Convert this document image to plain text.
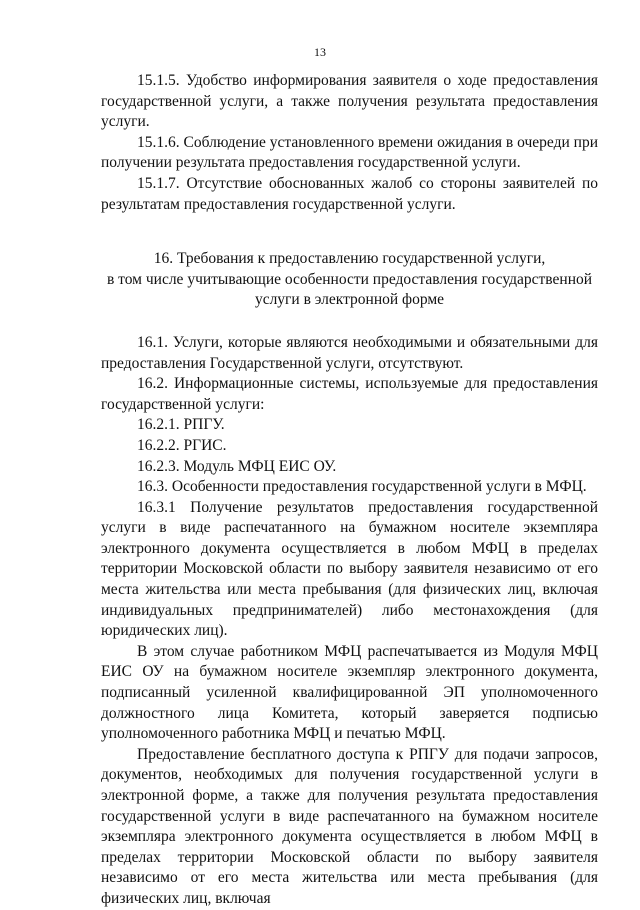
13

15.1.5. Удобство информирования заявителя о ходе предоставления государственной услуги, а также получения результата предоставления услуги.

15.1.6. Соблюдение установленного времени ожидания в очереди при получении результата предоставления государственной услуги.

15.1.7. Отсутствие обоснованных жалоб со стороны заявителей по результатам предоставления государственной услуги.

16. Требования к предоставлению государственной услуги,
в том числе учитывающие особенности предоставления государственной
услуги в электронной форме

16.1. Услуги, которые являются необходимыми и обязательными для предоставления Государственной услуги, отсутствуют.

16.2. Информационные системы, используемые для предоставления государственной услуги:

16.2.1. РПГУ.

16.2.2. РГИС.

16.2.3. Модуль МФЦ ЕИС ОУ.

16.3. Особенности предоставления государственной услуги в МФЦ.

16.3.1 Получение результатов предоставления государственной услуги в виде распечатанного на бумажном носителе экземпляра электронного документа осуществляется в любом МФЦ в пределах территории Московской области по выбору заявителя независимо от его места жительства или места пребывания (для физических лиц, включая индивидуальных предпринимателей) либо местонахождения (для юридических лиц).

В этом случае работником МФЦ распечатывается из Модуля МФЦ ЕИС ОУ на бумажном носителе экземпляр электронного документа, подписанный усиленной квалифицированной ЭП уполномоченного должностного лица Комитета, который заверяется подписью уполномоченного работника МФЦ и печатью МФЦ.

Предоставление бесплатного доступа к РПГУ для подачи запросов, документов, необходимых для получения государственной услуги в электронной форме, а также для получения результата предоставления государственной услуги в виде распечатанного на бумажном носителе экземпляра электронного документа осуществляется в любом МФЦ в пределах территории Московской области по выбору заявителя независимо от его места жительства или места пребывания (для физических лиц, включая
